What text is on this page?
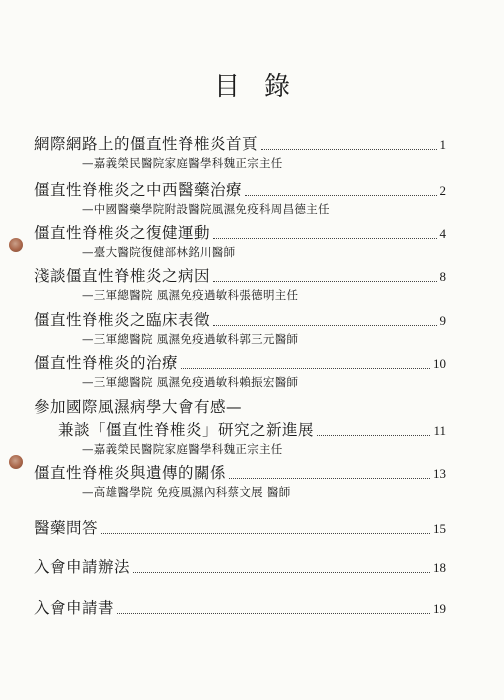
目錄
網際網路上的僵直性脊椎炎首頁	1
—嘉義榮民醫院家庭醫學科魏正宗主任
僵直性脊椎炎之中西醫藥治療	2
—中國醫藥學院附設醫院風濕免疫科周昌德主任
僵直性脊椎炎之復健運動	4
—臺大醫院復健部林銘川醫師
淺談僵直性脊椎炎之病因	8
—三軍總醫院 風濕免疫過敏科張德明主任
僵直性脊椎炎之臨床表徵	9
—三軍總醫院 風濕免疫過敏科郭三元醫師
僵直性脊椎炎的治療	10
—三軍總醫院 風濕免疫過敏科賴振宏醫師
參加國際風濕病學大會有感—
兼談「僵直性脊椎炎」研究之新進展	11
—嘉義榮民醫院家庭醫學科魏正宗主任
僵直性脊椎炎與遺傳的關係	13
—高雄醫學院 免疫風濕內科蔡文展 醫師
醫藥問答	15
入會申請辦法	18
入會申請書	19
